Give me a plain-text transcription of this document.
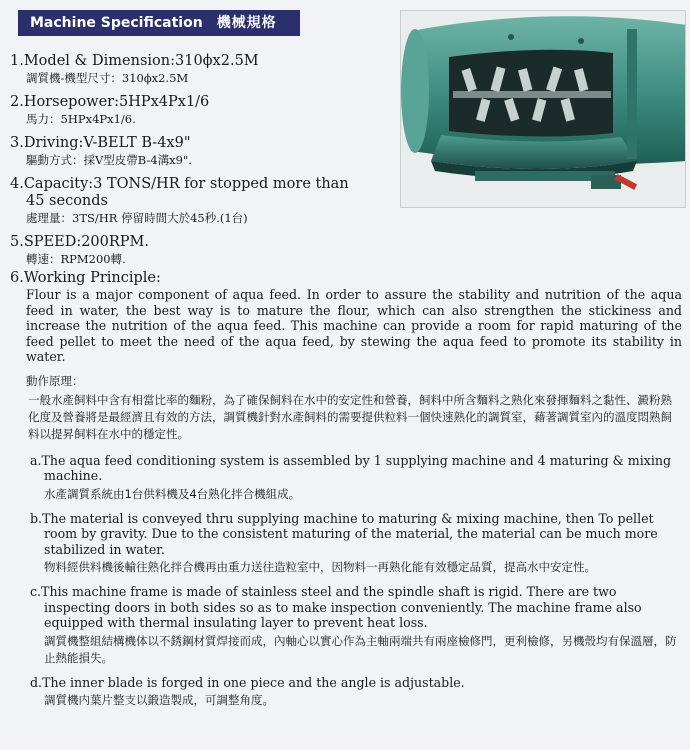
Machine Specification 機械規格
1.Model & Dimension:310ϕx2.5M
調質機-機型尺寸：310ϕx2.5M
2.Horsepower:5HPx4Px1/6
馬力：5HPx4Px1/6.
3.Driving:V-BELT B-4x9"
驅動方式：採V型皮帶B-4溝x9".
4.Capacity:3 TONS/HR for stopped more than
45 seconds
處理量：3TS/HR 停留時間大於45秒.(1台)
5.SPEED:200RPM.
轉速：RPM200轉.
6.Working Principle:
Flour is a major component of aqua feed. In order to assure the stability and nutrition of the aqua feed in water, the best way is to mature the flour, which can also strengthen the stickiness and increase the nutrition of the aqua feed. This machine can provide a room for rapid maturing of the feed pellet to meet the need of the aqua feed, by stewing the aqua feed to promote its stability in water.
動作原理：
一般水產飼料中含有相當比率的麵粉，為了確保飼料在水中的安定性和營養，飼料中所含麵料之熟化來發揮麵料之黏性、澱粉熟化度及營養將是最經濟且有效的方法，調質機針對水產飼料的需要提供粒料一個快速熟化的調質室，藉著調質室內的溫度悶熟飼料以提昇飼料在水中的穩定性。
a.The aqua feed conditioning system is assembled by 1 supplying machine and 4 maturing & mixing machine.
水產調質系統由1台供料機及4台熟化拌合機組成。
b.The material is conveyed thru supplying machine to maturing & mixing machine, then To pellet room by gravity. Due to the consistent maturing of the material, the material can be much more stabilized in water.
物料經供料機後輸往熟化拌合機再由重力送往造粒室中，因物料一再熟化能有效穩定品質，提高水中安定性。
c.This machine frame is made of stainless steel and the spindle shaft is rigid. There are two inspecting doors in both sides so as to make inspection conveniently. The machine frame also equipped with thermal insulating layer to prevent heat loss.
調質機整組結構機体以不銹鋼材質焊接而成，內軸心以實心作為主軸兩端共有兩座檢修門，更利檢修，另機殼均有保溫層，防止熱能損失。
d.The inner blade is forged in one piece and the angle is adjustable.
調質機内葉片整支以鍛造製成，可調整角度。
